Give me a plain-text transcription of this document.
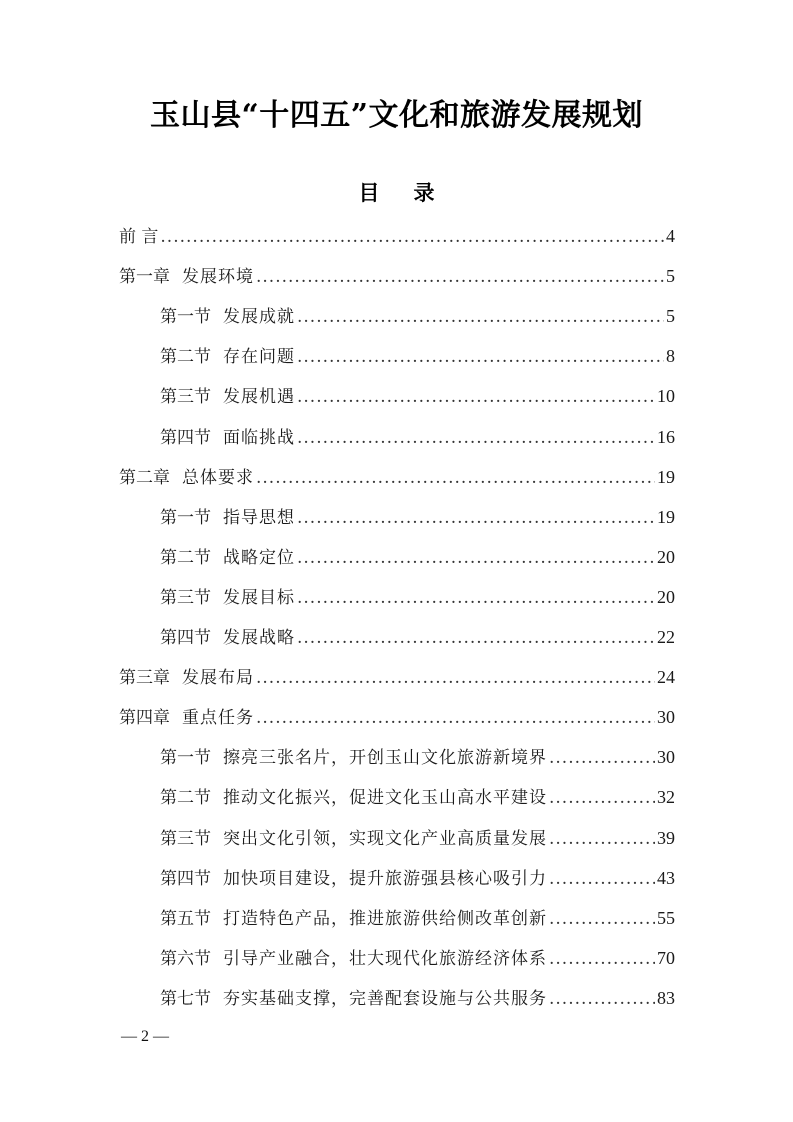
玉山县“十四五”文化和旅游发展规划
目 录
前 言 .....	4
第一章 发展环境 .....	5
第一节 发展成就 .....	5
第二节 存在问题 .....	8
第三节 发展机遇 .....	10
第四节 面临挑战 .....	16
第二章 总体要求 .....	19
第一节 指导思想 .....	19
第二节 战略定位 .....	20
第三节 发展目标 .....	20
第四节 发展战略 .....	22
第三章 发展布局 .....	24
第四章 重点任务 .....	30
第一节 擦亮三张名片，开创玉山文化旅游新境界 .....	30
第二节 推动文化振兴，促进文化玉山高水平建设 .....	32
第三节 突出文化引领，实现文化产业高质量发展 .....	39
第四节 加快项目建设，提升旅游强县核心吸引力 .....	43
第五节 打造特色产品，推进旅游供给侧改革创新 .....	55
第六节 引导产业融合，壮大现代化旅游经济体系 .....	70
第七节 夯实基础支撑，完善配套设施与公共服务 .....	83
— 2 —
